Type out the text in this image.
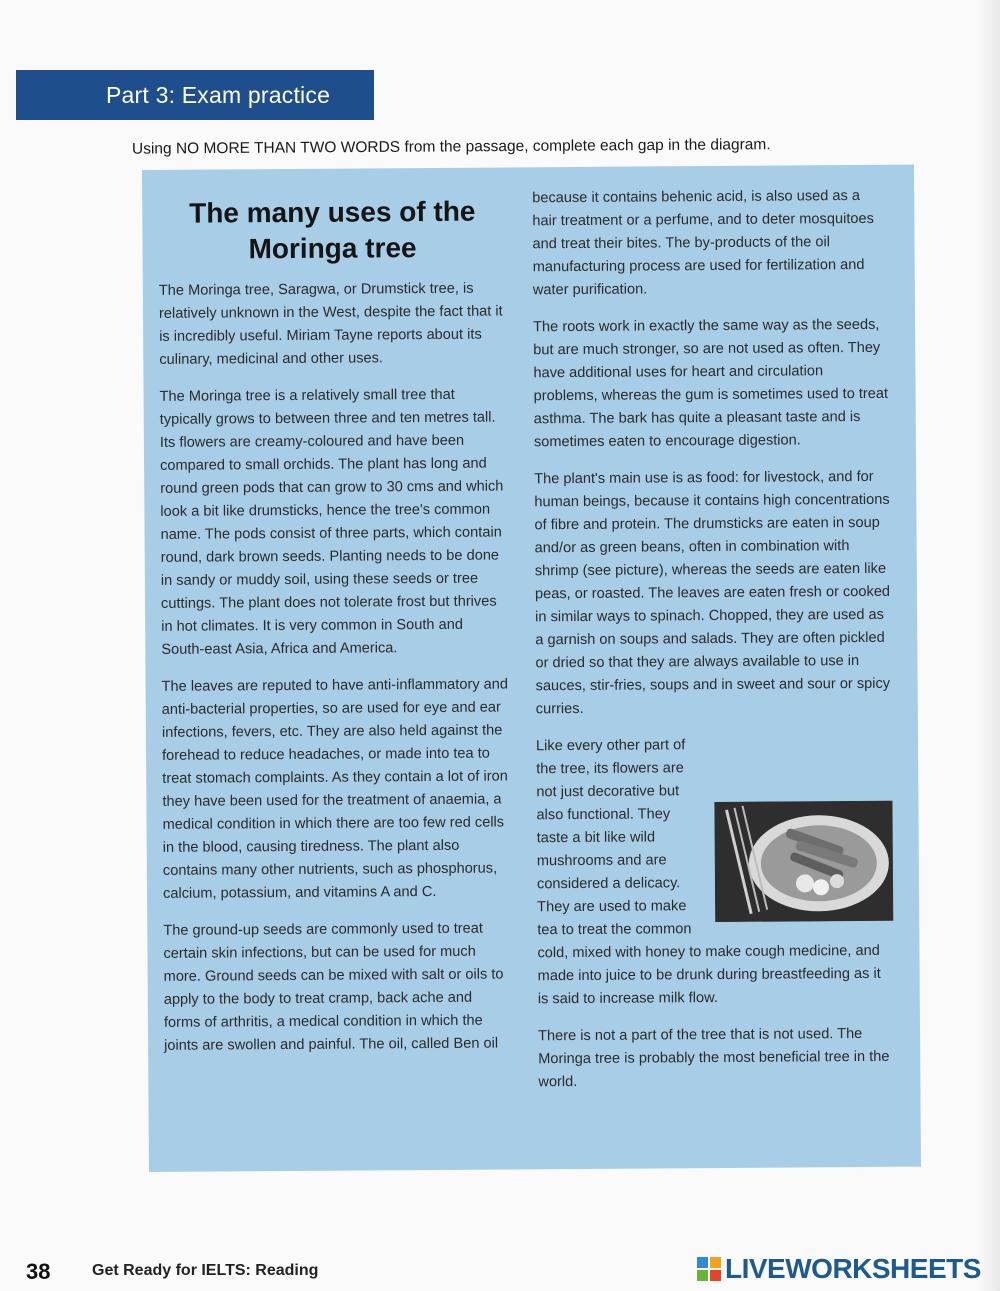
Part 3: Exam practice
Using NO MORE THAN TWO WORDS from the passage, complete each gap in the diagram.
The many uses of the Moringa tree

The Moringa tree, Saragwa, or Drumstick tree, is relatively unknown in the West, despite the fact that it is incredibly useful. Miriam Tayne reports about its culinary, medicinal and other uses.

The Moringa tree is a relatively small tree that typically grows to between three and ten metres tall. Its flowers are creamy-coloured and have been compared to small orchids. The plant has long and round green pods that can grow to 30 cms and which look a bit like drumsticks, hence the tree's common name. The pods consist of three parts, which contain round, dark brown seeds. Planting needs to be done in sandy or muddy soil, using these seeds or tree cuttings. The plant does not tolerate frost but thrives in hot climates. It is very common in South and South-east Asia, Africa and America.

The leaves are reputed to have anti-inflammatory and anti-bacterial properties, so are used for eye and ear infections, fevers, etc. They are also held against the forehead to reduce headaches, or made into tea to treat stomach complaints. As they contain a lot of iron they have been used for the treatment of anaemia, a medical condition in which there are too few red cells in the blood, causing tiredness. The plant also contains many other nutrients, such as phosphorus, calcium, potassium, and vitamins A and C.

The ground-up seeds are commonly used to treat certain skin infections, but can be used for much more. Ground seeds can be mixed with salt or oils to apply to the body to treat cramp, back ache and forms of arthritis, a medical condition in which the joints are swollen and painful. The oil, called Ben oil

because it contains behenic acid, is also used as a hair treatment or a perfume, and to deter mosquitoes and treat their bites. The by-products of the oil manufacturing process are used for fertilization and water purification.

The roots work in exactly the same way as the seeds, but are much stronger, so are not used as often. They have additional uses for heart and circulation problems, whereas the gum is sometimes used to treat asthma. The bark has quite a pleasant taste and is sometimes eaten to encourage digestion.

The plant's main use is as food: for livestock, and for human beings, because it contains high concentrations of fibre and protein. The drumsticks are eaten in soup and/or as green beans, often in combination with shrimp (see picture), whereas the seeds are eaten like peas, or roasted. The leaves are eaten fresh or cooked in similar ways to spinach. Chopped, they are used as a garnish on soups and salads. They are often pickled or dried so that they are always available to use in sauces, stir-fries, soups and in sweet and sour or spicy curries.

Like every other part of the tree, its flowers are not just decorative but also functional. They taste a bit like wild mushrooms and are considered a delicacy. They are used to make tea to treat the common cold, mixed with honey to make cough medicine, and made into juice to be drunk during breastfeeding as it is said to increase milk flow.

There is not a part of the tree that is not used. The Moringa tree is probably the most beneficial tree in the world.

38	Get Ready for IELTS: Reading	LIVEWORKSHEETS
